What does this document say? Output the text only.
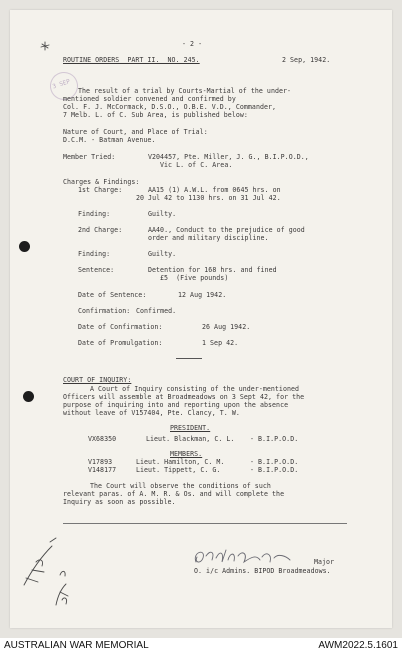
3 SEP
- 2 -
ROUTINE ORDERS  PART II.  NO. 245.	2 Sep, 1942.
The result of a trial by Courts-Martial of the under-
mentioned soldier convened and confirmed by
Col. F. J. McCormack, D.S.O., O.B.E. V.D., Commander,
7 Melb. L. of C. Sub Area, is published below:
Nature of Court, and Place of Trial:
D.C.M. - Batman Avenue.
Member Tried:	V204457, Pte. Miller, J. G., B.I.P.O.D.,
Vic L. of C. Area.
Charges & Findings:
1st Charge:	AA15 (1) A.W.L. from 0645 hrs. on
20 Jul 42 to 1130 hrs. on 31 Jul 42.
Finding:	Guilty.
2nd Charge:	AA40., Conduct to the prejudice of good
order and military discipline.
Finding:	Guilty.
Sentence:	Detention for 168 hrs. and fined
£5  (Five pounds)
Date of Sentence:	12 Aug 1942.
Confirmation: Confirmed.
Date of Confirmation:	26 Aug 1942.
Date of Promulgation:	1 Sep 42.
COURT OF INQUIRY:
A Court of Inquiry consisting of the under-mentioned
Officers will assemble at Broadmeadows on 3 Sept 42, for the
purpose of inquiring into and reporting upon the absence
without leave of V157404, Pte. Clancy, T. W.
PRESIDENT.
VX68350	Lieut. Blackman, C. L. - B.I.P.O.D.
MEMBERS.
V17893	Lieut. Hamilton, C. M.	- B.I.P.O.D.
V148177	Lieut. Tippett, C. G.	- B.I.P.O.D.
The Court will observe the conditions of such
relevant paras. of A. M. R. & Os. and will complete the
Inquiry as soon as possible.
Major
O. i/c Admins. BIPOD Broadmeadows.
AUSTRALIAN WAR MEMORIAL	AWM2022.5.1601
